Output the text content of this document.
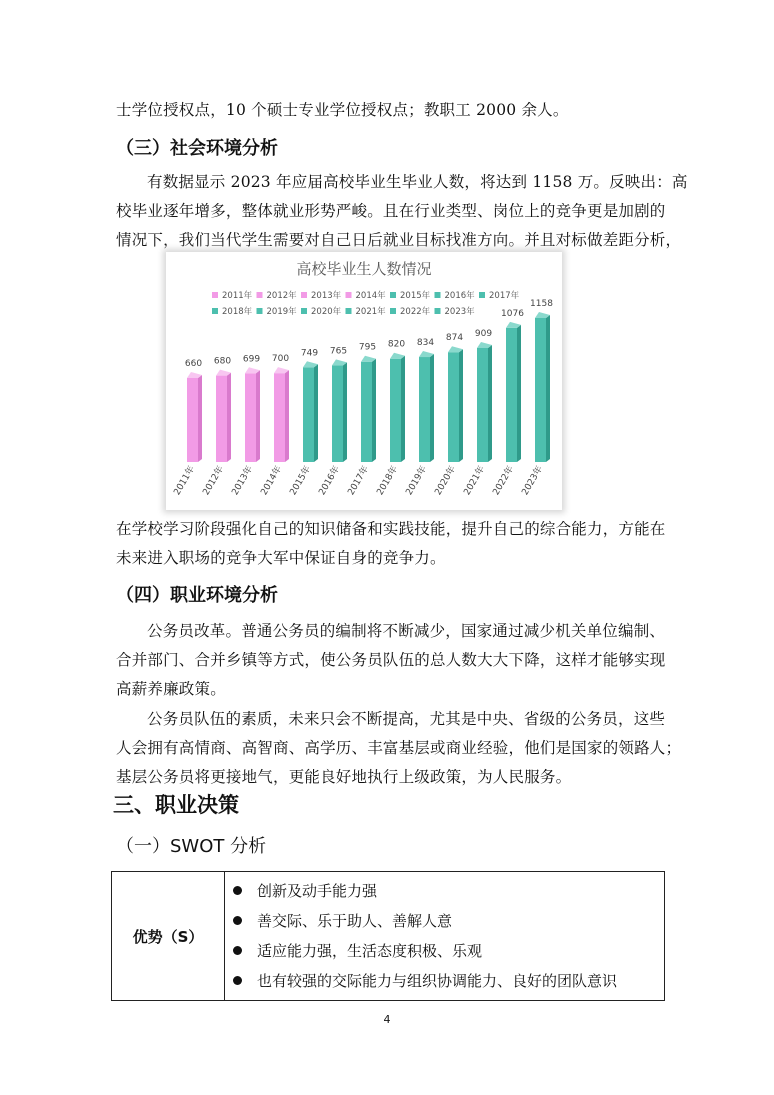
士学位授权点，10 个硕士专业学位授权点；教职工 2000 余人。

（三）社会环境分析

有数据显示 2023 年应届高校毕业生毕业人数，将达到 1158 万。反映出：高

校毕业逐年增多，整体就业形势严峻。且在行业类型、岗位上的竞争更是加剧的

情况下，我们当代学生需要对自己日后就业目标找准方向。并且对标做差距分析，

高校毕业生人数情况
2011年 2012年 2013年 2014年 2015年 2016年 2017年
2018年 2019年 2020年 2021年 2022年 2023年
660
2011年
680
2012年
699
2013年
700
2014年
749
2015年
765
2016年
795
2017年
820
2018年
834
2019年
874
2020年
909
2021年
1076
2022年
1158
2023年

在学校学习阶段强化自己的知识储备和实践技能，提升自己的综合能力，方能在

未来进入职场的竞争大军中保证自身的竞争力。

（四）职业环境分析

公务员改革。普通公务员的编制将不断减少，国家通过减少机关单位编制、

合并部门、合并乡镇等方式，使公务员队伍的总人数大大下降，这样才能够实现

高薪养廉政策。

公务员队伍的素质，未来只会不断提高，尤其是中央、省级的公务员，这些

人会拥有高情商、高智商、高学历、丰富基层或商业经验，他们是国家的领路人；

基层公务员将更接地气，更能良好地执行上级政策，为人民服务。

三、职业决策
（一）SWOT 分析
优势（S）	
创新及动手能力强
善交际、乐于助人、善解人意
适应能力强，生活态度积极、乐观
也有较强的交际能力与组织协调能力、良好的团队意识
4
